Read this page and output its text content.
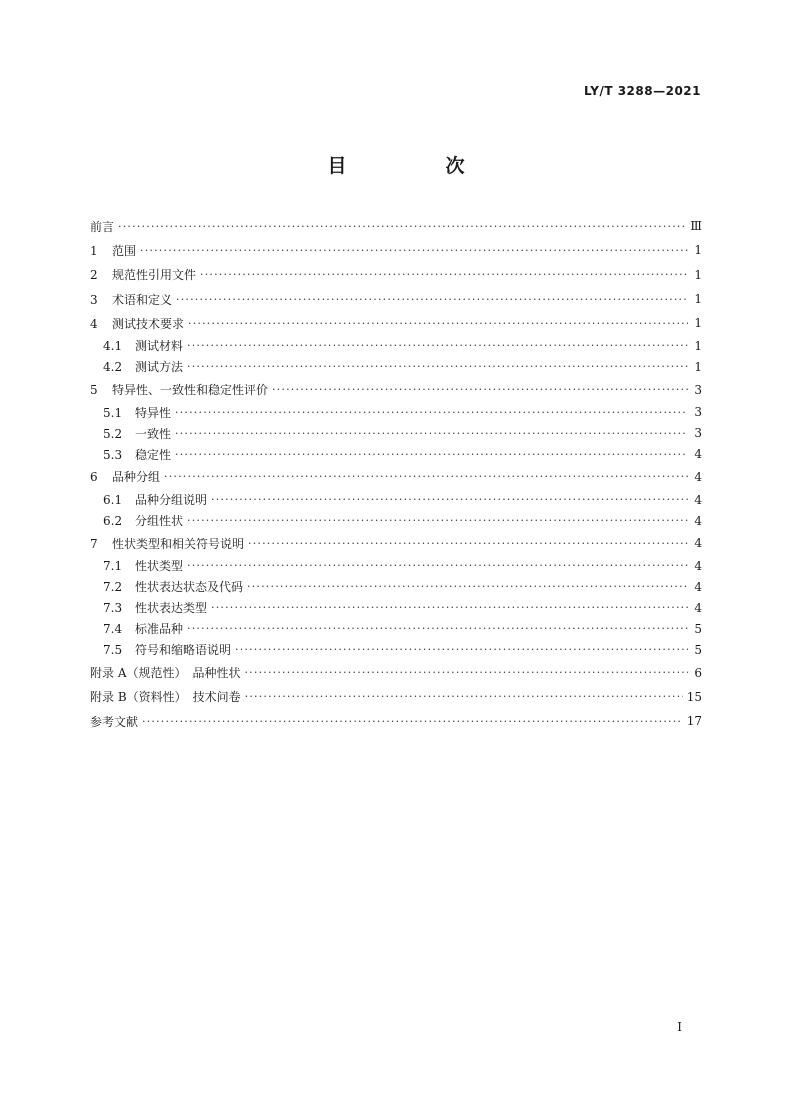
LY/T 3288—2021
目　次
前言 ·····	Ⅲ
1 范围 ·····	1
2 规范性引用文件 ·····	1
3 术语和定义 ·····	1
4 测试技术要求 ·····	1
4.1 测试材料 ·····	1
4.2 测试方法 ·····	1
5 特异性、一致性和稳定性评价 ·····	3
5.1 特异性 ·····	3
5.2 一致性 ·····	3
5.3 稳定性 ·····	4
6 品种分组 ·····	4
6.1 品种分组说明 ·····	4
6.2 分组性状 ·····	4
7 性状类型和相关符号说明 ·····	4
7.1 性状类型 ·····	4
7.2 性状表达状态及代码 ·····	4
7.3 性状表达类型 ·····	4
7.4 标准品种 ·····	5
7.5 符号和缩略语说明 ·····	5
附录 A（规范性）　品种性状 ·····	6
附录 B（资料性）　技术问卷 ·····	15
参考文献 ·····	17
I
